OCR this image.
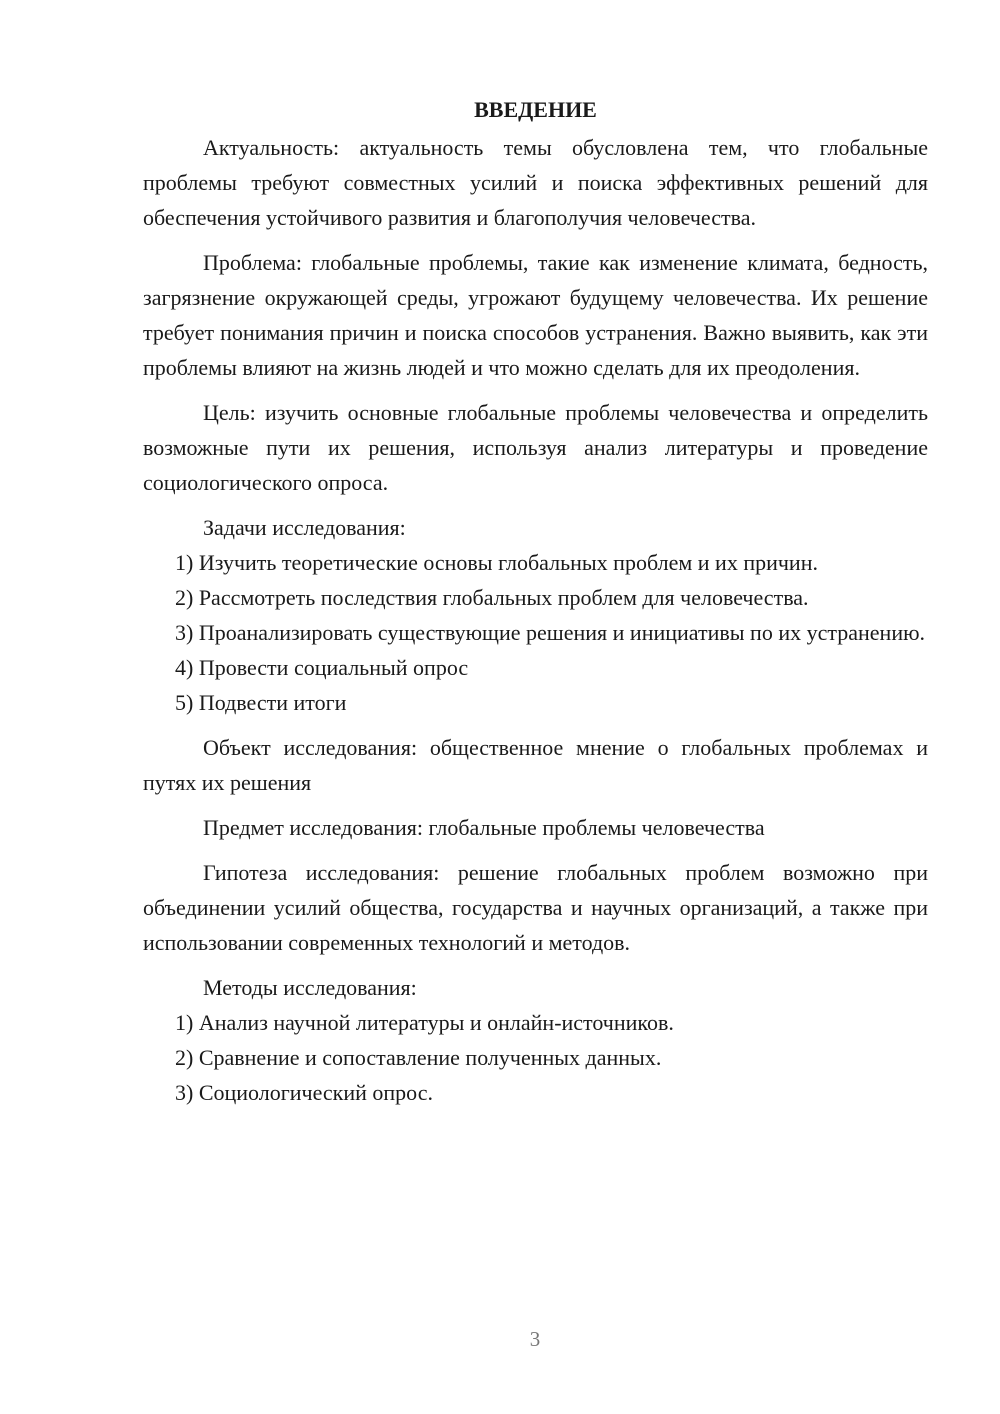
ВВЕДЕНИЕ

Актуальность: актуальность темы обусловлена тем, что глобальные проблемы требуют совместных усилий и поиска эффективных решений для обеспечения устойчивого развития и благополучия человечества.

Проблема: глобальные проблемы, такие как изменение климата, бедность, загрязнение окружающей среды, угрожают будущему человечества. Их решение требует понимания причин и поиска способов устранения. Важно выявить, как эти проблемы влияют на жизнь людей и что можно сделать для их преодоления.

Цель: изучить основные глобальные проблемы человечества и определить возможные пути их решения, используя анализ литературы и проведение социологического опроса.

Задачи исследования:

1) Изучить теоретические основы глобальных проблем и их причин.

2) Рассмотреть последствия глобальных проблем для человечества.

3) Проанализировать существующие решения и инициативы по их устранению.

4) Провести социальный опрос

5) Подвести итоги

Объект исследования: общественное мнение о глобальных проблемах и путях их решения

Предмет исследования: глобальные проблемы человечества

Гипотеза исследования: решение глобальных проблем возможно при объединении усилий общества, государства и научных организаций, а также при использовании современных технологий и методов.

Методы исследования:

1) Анализ научной литературы и онлайн-источников.

2) Сравнение и сопоставление полученных данных.

3) Социологический опрос.

3
